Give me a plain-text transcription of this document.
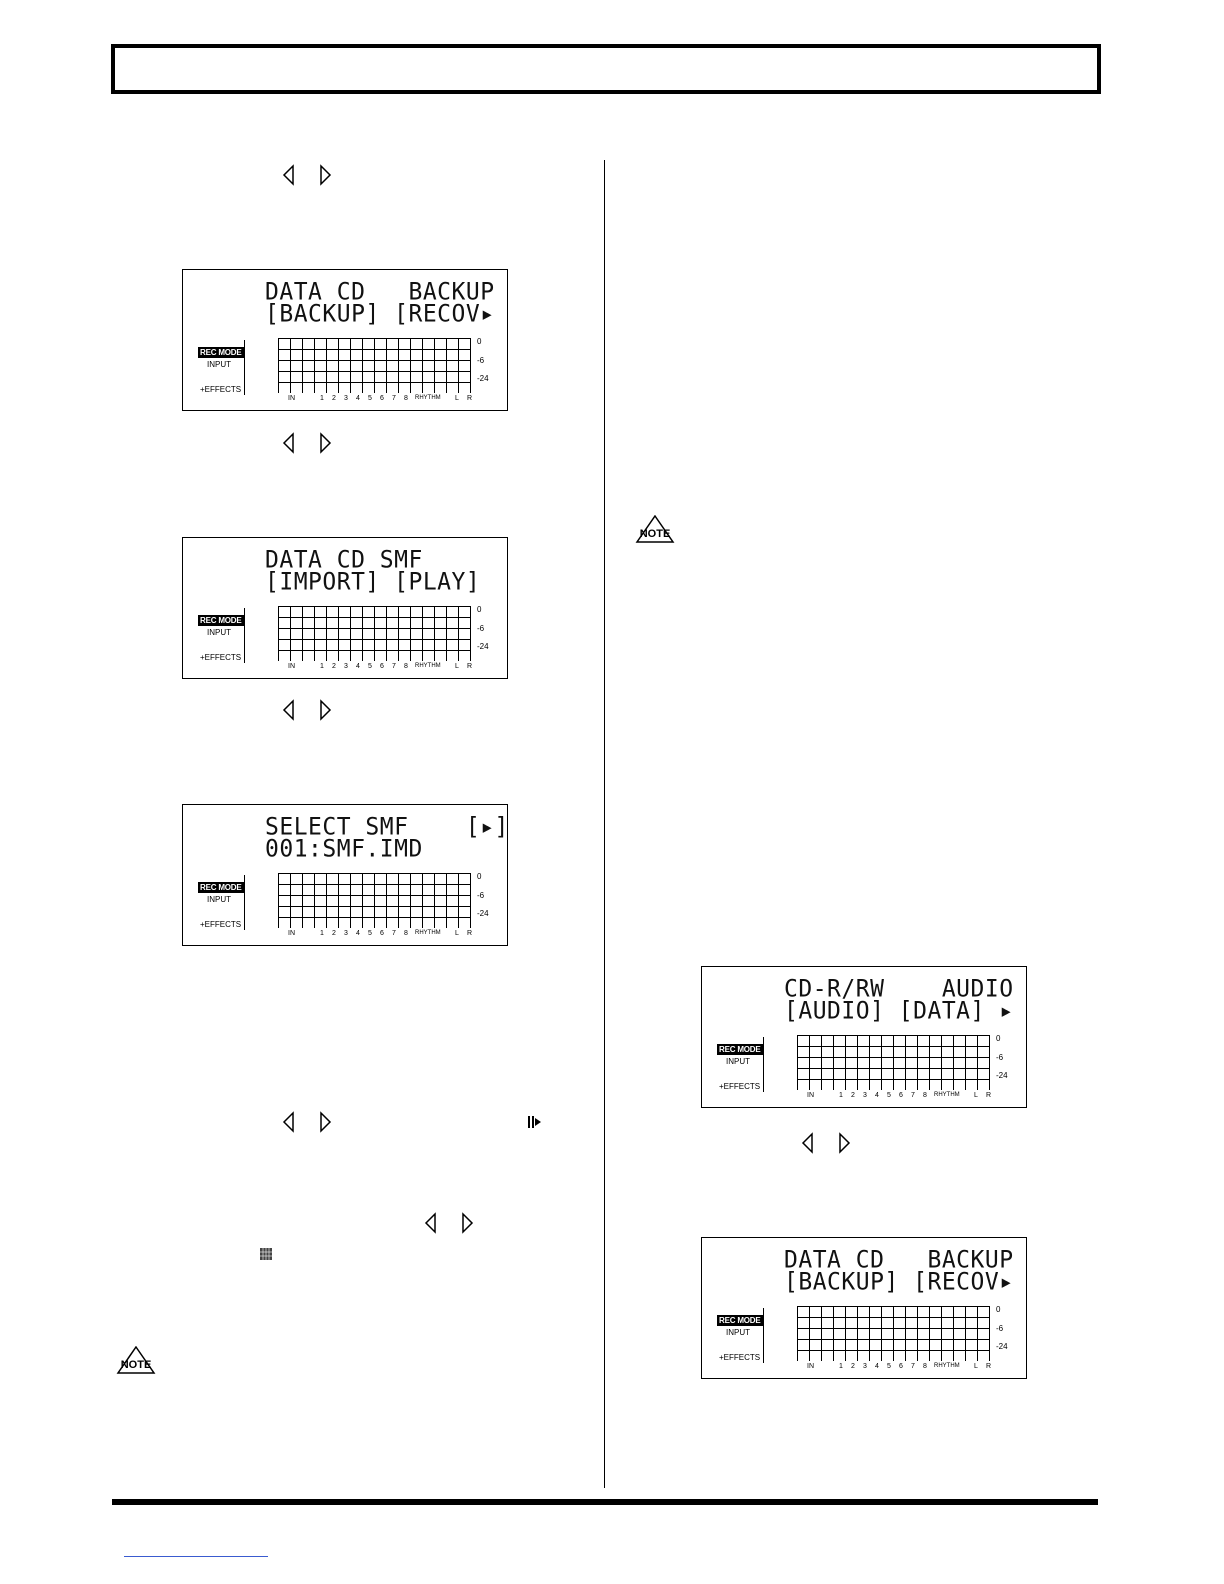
DATA CD   BACKUP
[BACKUP] [RECOV▸
REC MODE
INPUT
+EFFECTS
0
-6
-24
IN	1 2 3 4 5 6 7 8 RHYTHM L R
DATA CD SMF
[IMPORT] [PLAY]
REC MODE
INPUT
+EFFECTS
0
-6
-24
IN	1 2 3 4 5 6 7 8 RHYTHM L R
SELECT SMF    [▸]
001:SMF.IMD
REC MODE
INPUT
+EFFECTS
0
-6
-24
IN	1 2 3 4 5 6 7 8 RHYTHM L R
NOTE
NOTE
CD-R/RW    AUDIO
[AUDIO] [DATA] ▸
REC MODE
INPUT
+EFFECTS
0
-6
-24
IN	1 2 3 4 5 6 7 8 RHYTHM L R
DATA CD   BACKUP
[BACKUP] [RECOV▸
REC MODE
INPUT
+EFFECTS
0
-6
-24
IN	1 2 3 4 5 6 7 8 RHYTHM L R
